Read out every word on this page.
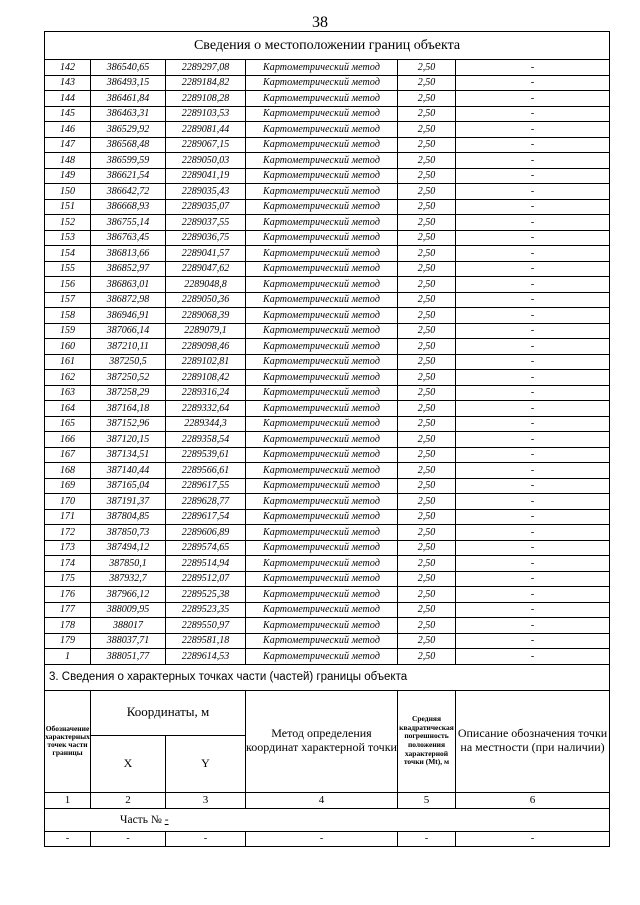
38
Сведения о местоположении границ объекта					
142	386540,65	2289297,08	Картометрический метод	2,50	-
143	386493,15	2289184,82	Картометрический метод	2,50	-
144	386461,84	2289108,28	Картометрический метод	2,50	-
145	386463,31	2289103,53	Картометрический метод	2,50	-
146	386529,92	2289081,44	Картометрический метод	2,50	-
147	386568,48	2289067,15	Картометрический метод	2,50	-
148	386599,59	2289050,03	Картометрический метод	2,50	-
149	386621,54	2289041,19	Картометрический метод	2,50	-
150	386642,72	2289035,43	Картометрический метод	2,50	-
151	386668,93	2289035,07	Картометрический метод	2,50	-
152	386755,14	2289037,55	Картометрический метод	2,50	-
153	386763,45	2289036,75	Картометрический метод	2,50	-
154	386813,66	2289041,57	Картометрический метод	2,50	-
155	386852,97	2289047,62	Картометрический метод	2,50	-
156	386863,01	2289048,8	Картометрический метод	2,50	-
157	386872,98	2289050,36	Картометрический метод	2,50	-
158	386946,91	2289068,39	Картометрический метод	2,50	-
159	387066,14	2289079,1	Картометрический метод	2,50	-
160	387210,11	2289098,46	Картометрический метод	2,50	-
161	387250,5	2289102,81	Картометрический метод	2,50	-
162	387250,52	2289108,42	Картометрический метод	2,50	-
163	387258,29	2289316,24	Картометрический метод	2,50	-
164	387164,18	2289332,64	Картометрический метод	2,50	-
165	387152,96	2289344,3	Картометрический метод	2,50	-
166	387120,15	2289358,54	Картометрический метод	2,50	-
167	387134,51	2289539,61	Картометрический метод	2,50	-
168	387140,44	2289566,61	Картометрический метод	2,50	-
169	387165,04	2289617,55	Картометрический метод	2,50	-
170	387191,37	2289628,77	Картометрический метод	2,50	-
171	387804,85	2289617,54	Картометрический метод	2,50	-
172	387850,73	2289606,89	Картометрический метод	2,50	-
173	387494,12	2289574,65	Картометрический метод	2,50	-
174	387850,1	2289514,94	Картометрический метод	2,50	-
175	387932,7	2289512,07	Картометрический метод	2,50	-
176	387966,12	2289525,38	Картометрический метод	2,50	-
177	388009,95	2289523,35	Картометрический метод	2,50	-
178	388017	2289550,97	Картометрический метод	2,50	-
179	388037,71	2289581,18	Картометрический метод	2,50	-
1	388051,77	2289614,53	Картометрический метод	2,50	-
3. Сведения о характерных точках части (частей) границы объекта					
Обозначение характерных точек части границы	Координаты, м		Метод определения координат характерной точки	Средняя квадратическая погрешность положения характерной точки (Mt), м	Описание обозначения точки на местности (при наличии)
	X	Y			
1	2	3	4	5	6
Часть № -					
-	-	-	-	-	-
